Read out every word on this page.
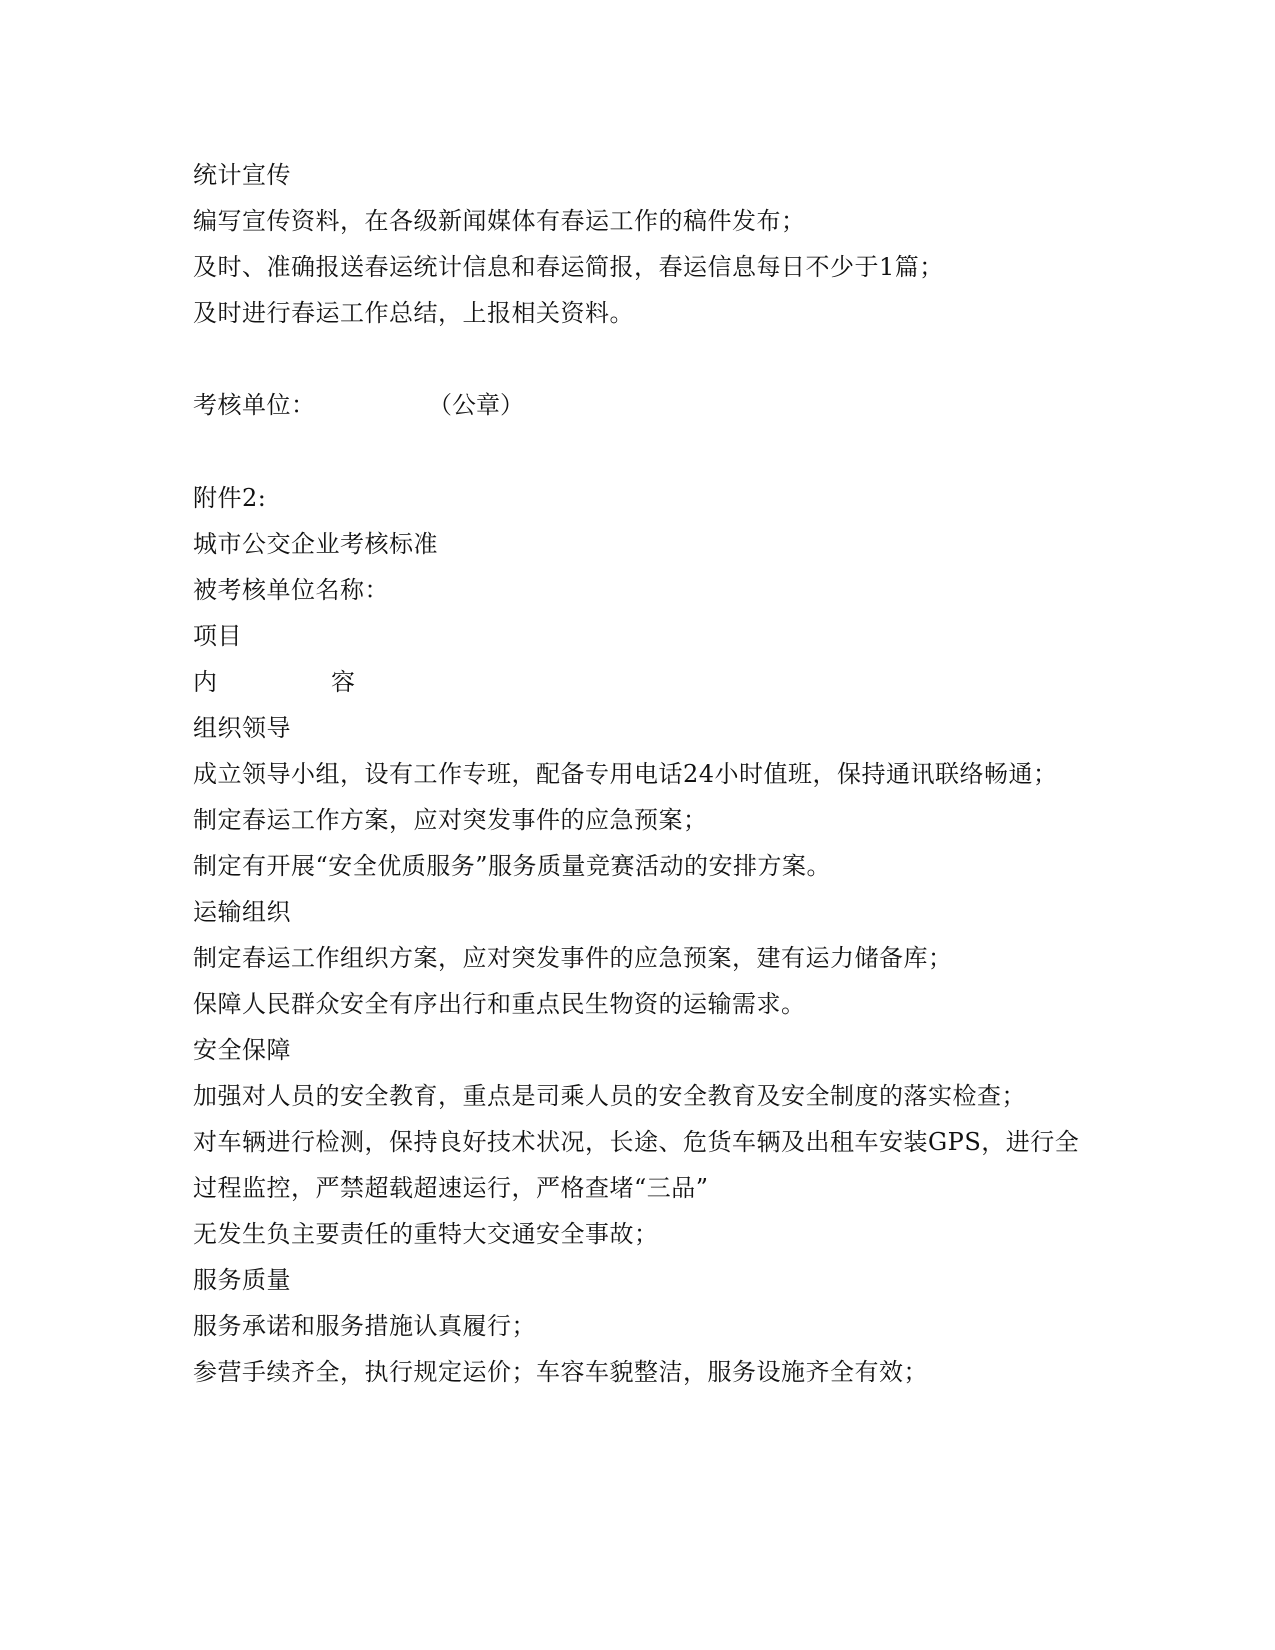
统计宣传
编写宣传资料，在各级新闻媒体有春运工作的稿件发布；
及时、准确报送春运统计信息和春运简报，春运信息每日不少于1篇；
及时进行春运工作总结，上报相关资料。
考核单位：	（公章）
附件2:
城市公交企业考核标准
被考核单位名称：
项目
内	容
组织领导
成立领导小组，设有工作专班，配备专用电话24小时值班，保持通讯联络畅通；
制定春运工作方案，应对突发事件的应急预案；
制定有开展“安全优质服务”服务质量竞赛活动的安排方案。
运输组织
制定春运工作组织方案，应对突发事件的应急预案，建有运力储备库；
保障人民群众安全有序出行和重点民生物资的运输需求。
安全保障
加强对人员的安全教育，重点是司乘人员的安全教育及安全制度的落实检查；
对车辆进行检测，保持良好技术状况，长途、危货车辆及出租车安装GPS，进行全
过程监控，严禁超载超速运行，严格查堵“三品”
无发生负主要责任的重特大交通安全事故；
服务质量
服务承诺和服务措施认真履行；
参营手续齐全，执行规定运价；车容车貌整洁，服务设施齐全有效；
